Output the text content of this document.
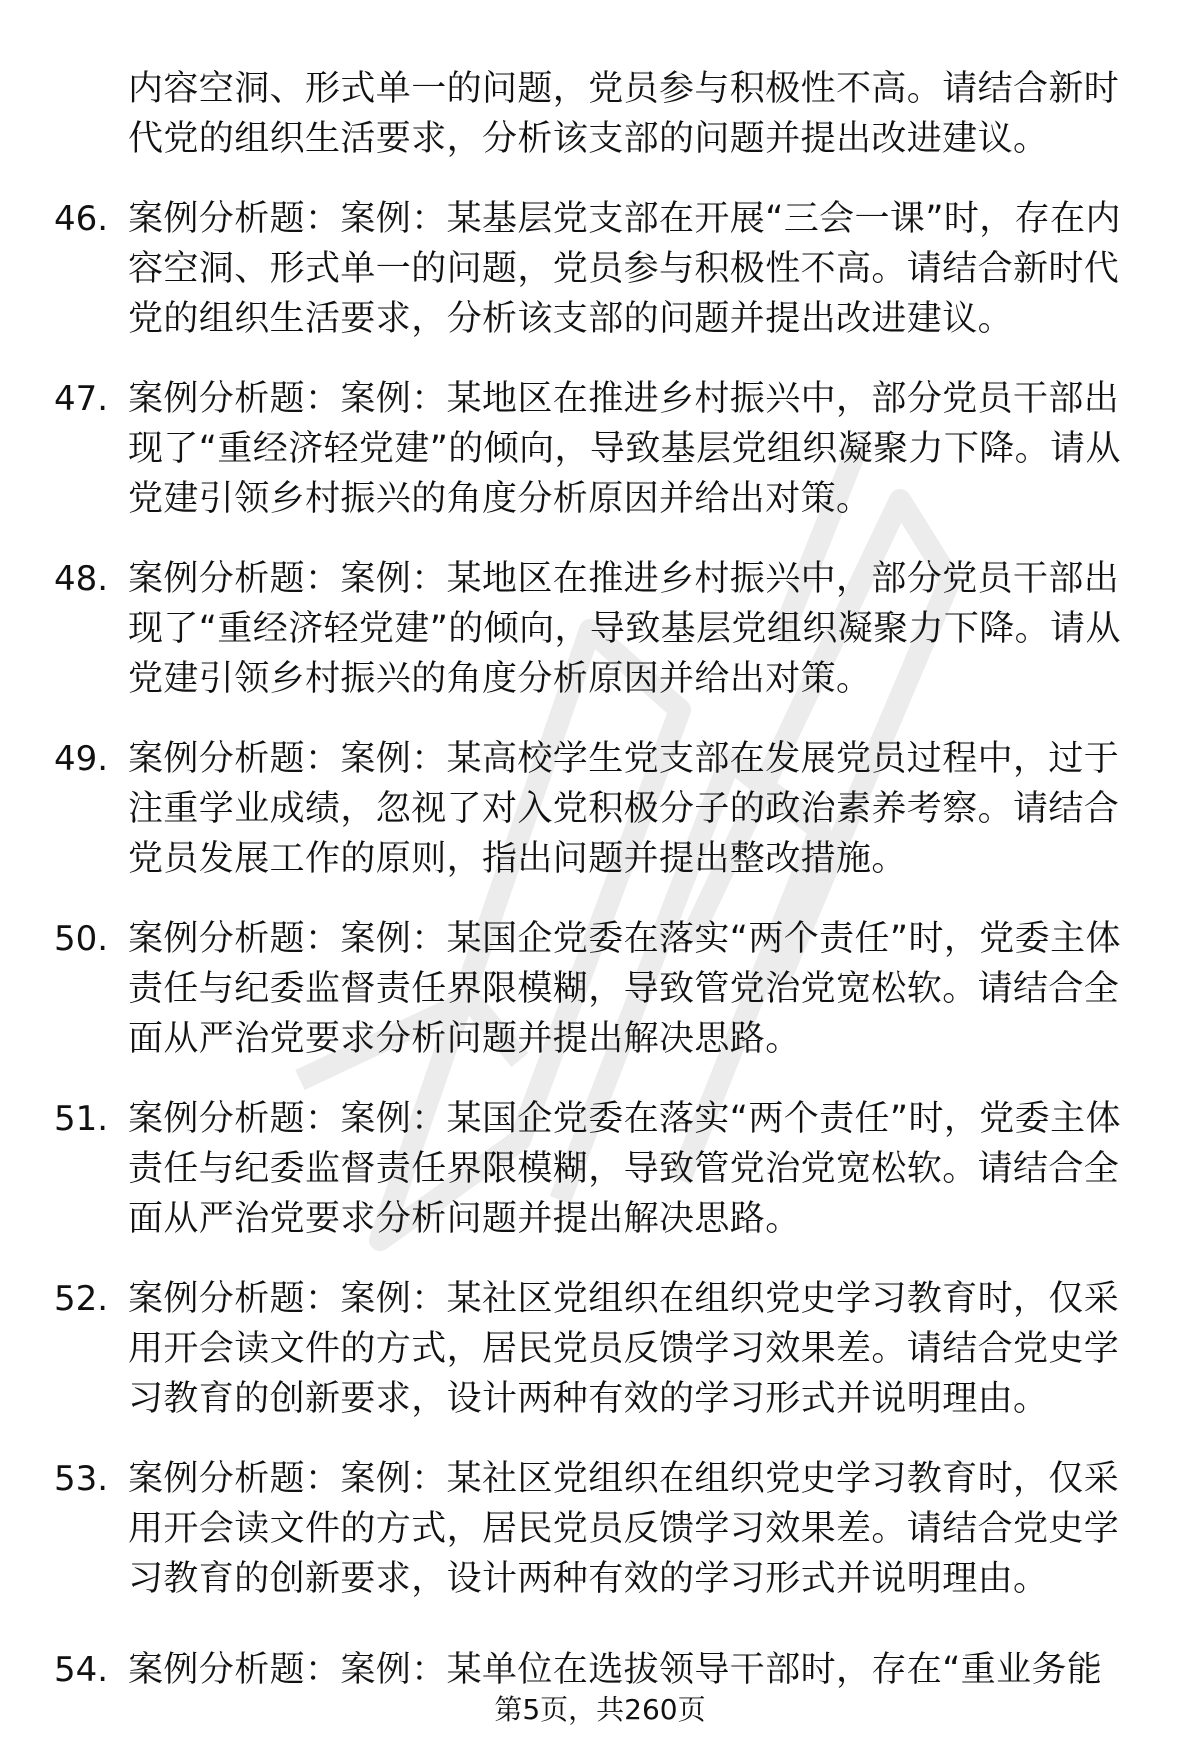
内容空洞、形式单一的问题，党员参与积极性不高。请结合新时代党的组织生活要求，分析该支部的问题并提出改进建议。
46. 案例分析题：案例：某基层党支部在开展“三会一课”时，存在内容空洞、形式单一的问题，党员参与积极性不高。请结合新时代党的组织生活要求，分析该支部的问题并提出改进建议。
47. 案例分析题：案例：某地区在推进乡村振兴中，部分党员干部出现了“重经济轻党建”的倾向，导致基层党组织凝聚力下降。请从党建引领乡村振兴的角度分析原因并给出对策。
48. 案例分析题：案例：某地区在推进乡村振兴中，部分党员干部出现了“重经济轻党建”的倾向，导致基层党组织凝聚力下降。请从党建引领乡村振兴的角度分析原因并给出对策。
49. 案例分析题：案例：某高校学生党支部在发展党员过程中，过于注重学业成绩，忽视了对入党积极分子的政治素养考察。请结合党员发展工作的原则，指出问题并提出整改措施。
50. 案例分析题：案例：某国企党委在落实“两个责任”时，党委主体责任与纪委监督责任界限模糊，导致管党治党宽松软。请结合全面从严治党要求分析问题并提出解决思路。
51. 案例分析题：案例：某国企党委在落实“两个责任”时，党委主体责任与纪委监督责任界限模糊，导致管党治党宽松软。请结合全面从严治党要求分析问题并提出解决思路。
52. 案例分析题：案例：某社区党组织在组织党史学习教育时，仅采用开会读文件的方式，居民党员反馈学习效果差。请结合党史学习教育的创新要求，设计两种有效的学习形式并说明理由。
53. 案例分析题：案例：某社区党组织在组织党史学习教育时，仅采用开会读文件的方式，居民党员反馈学习效果差。请结合党史学习教育的创新要求，设计两种有效的学习形式并说明理由。
54. 案例分析题：案例：某单位在选拔领导干部时，存在“重业务能
第5页，共260页
